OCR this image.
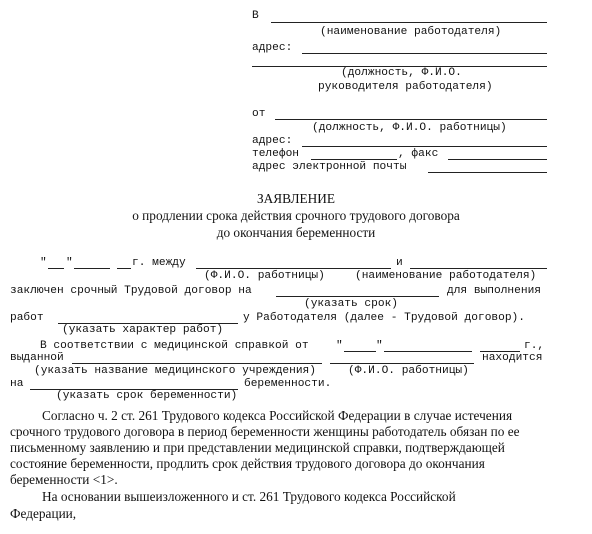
В
(наименование работодателя)
адрес:
(должность, Ф.И.О.
руководителя работодателя)
от
(должность, Ф.И.О. работницы)
адрес:
телефон	, факс
адрес электронной почты
ЗАЯВЛЕНИЕ
о продлении срока действия срочного трудового договора
до окончания беременности
" "	г. между	и
(Ф.И.О. работницы)	(наименование работодателя)
заключен срочный Трудовой договор на	для выполнения
(указать срок)
работ	у Работодателя (далее - Трудовой договор).
(указать характер работ)
В соответствии с медицинской справкой от "	"	г.,
выданной	находится
(указать название медицинского учреждения)	(Ф.И.О. работницы)
на	беременности.
(указать срок беременности)
Согласно ч. 2 ст. 261 Трудового кодекса Российской Федерации в случае истечения
срочного трудового договора в период беременности женщины работодатель обязан по ее
письменному заявлению и при представлении медицинской справки, подтверждающей
состояние беременности, продлить срок действия трудового договора до окончания
беременности <1>.
На основании вышеизложенного и ст. 261 Трудового кодекса Российской
Федерации,
